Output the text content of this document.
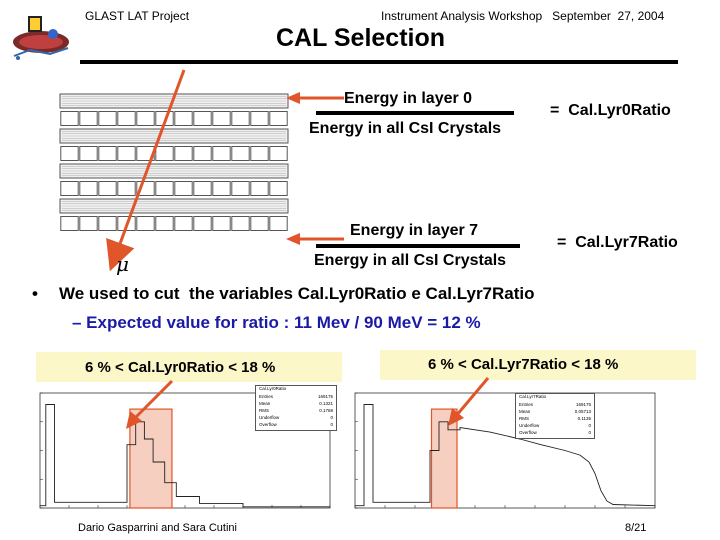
GLAST LAT Project	Instrument Analysis Workshop   September  27, 2004
CAL Selection
μ
Energy in layer 0
Energy in all CsI Crystals
=  Cal.Lyr0Ratio
Energy in layer 7
Energy in all CsI Crystals
=  Cal.Lyr7Ratio
• We used to cut  the variables Cal.Lyr0Ratio e Cal.Lyr7Ratio
– Expected value for ratio : 11 Mev / 90 MeV = 12 %
6 % < Cal.Lyr0Ratio < 18 %	6 % < Cal.Lyr7Ratio < 18 %
Cal.Lyr0Ratio
Entries	169175
Mean	0.1321
RMS	0.1768
Underflow	0
Overflow	0
Cal.Lyr7Ratio
Entries	169175
Mean	0.05713
RMS	0.1135
Underflow	0
Overflow	0
Dario Gasparrini and Sara Cutini	8/21
